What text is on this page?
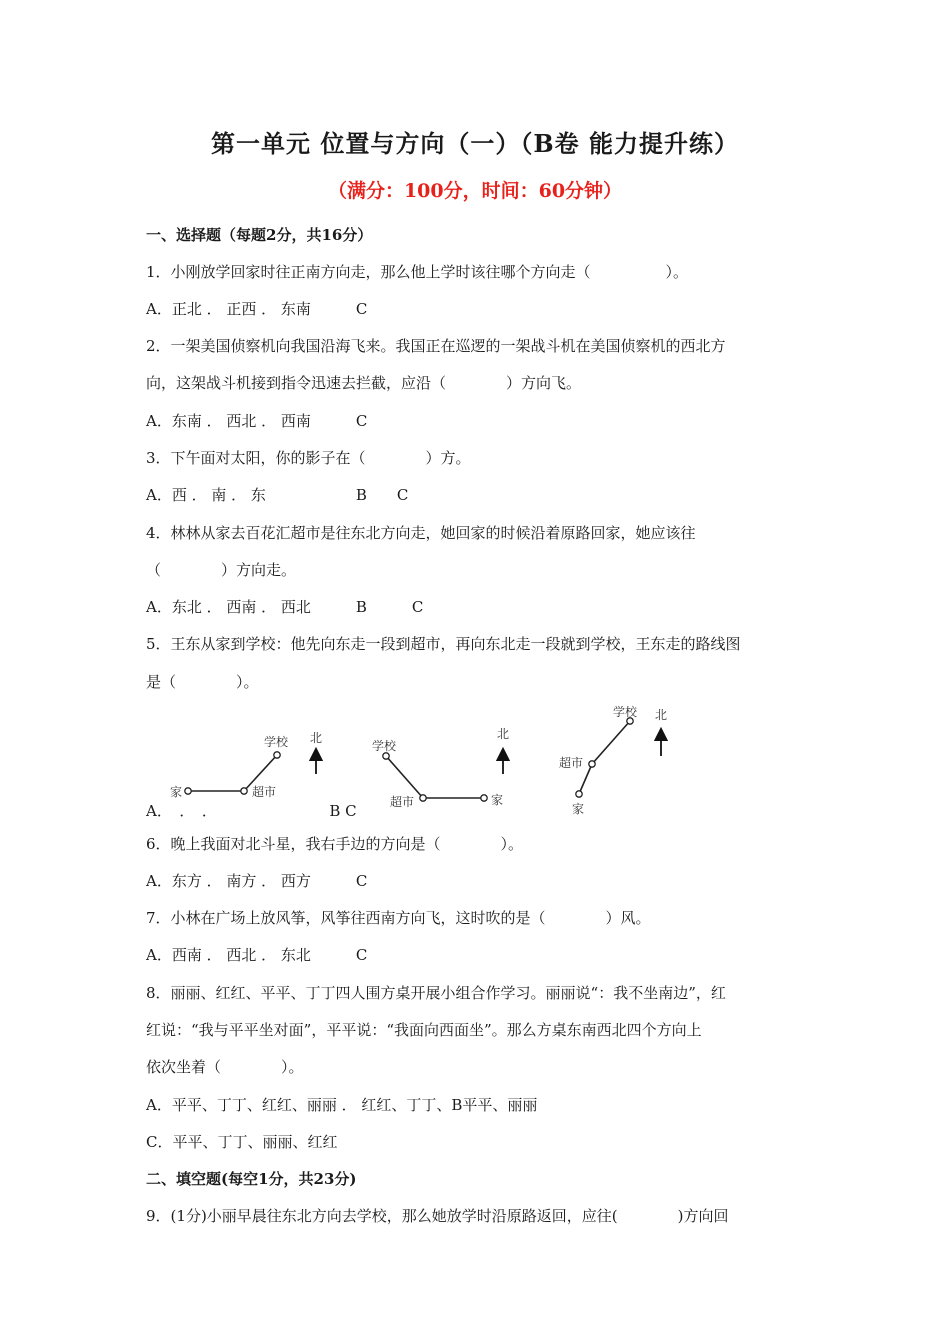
第一单元 位置与方向（一）（B卷 能力提升练）
（满分：100分，时间：60分钟）
一、选择题（每题2分，共16分）
1．小刚放学回家时往正南方向走，那么他上学时该往哪个方向走（　　　　　）。
A．正北 ． 正西 ． 东南　　　C
2．一架美国侦察机向我国沿海飞来。我国正在巡逻的一架战斗机在美国侦察机的西北方
向，这架战斗机接到指令迅速去拦截，应沿（　　　　）方向飞。
A．东南 ． 西北 ． 西南　　　C
3．下午面对太阳，你的影子在（　　　　）方。
A．西 ． 南 ． 东　　　　　　B　　C
4．林林从家去百花汇超市是往东北方向走，她回家的时候沿着原路回家，她应该往
（　　　　）方向走。
A．东北 ． 西南 ． 西北　　　B　　　C
5．王东从家到学校：他先向东走一段到超市，再向东北走一段就到学校，王东走的路线图
是（　　　　）。
家	超市
学校 北
学校
超市	家
北
学校
超市
家
北
A．　．　．　　　　　　　　B C
6．晚上我面对北斗星，我右手边的方向是（　　　　）。
A．东方 ． 南方 ． 西方　　　C
7．小林在广场上放风筝，风筝往西南方向飞，这时吹的是（　　　　）风。
A．西南 ． 西北 ． 东北　　　C
8．丽丽、红红、平平、丁丁四人围方桌开展小组合作学习。丽丽说“：我不坐南边”，红
红说：“我与平平坐对面”，平平说：“我面向西面坐”。那么方桌东南西北四个方向上
依次坐着（　　　　）。
A．平平、丁丁、红红、丽丽 ． 红红、丁丁、B平平、丽丽
C．平平、丁丁、丽丽、红红
二、填空题(每空1分，共23分)
9．(1分)小丽早晨往东北方向去学校，那么她放学时沿原路返回，应往(　　　　)方向回
